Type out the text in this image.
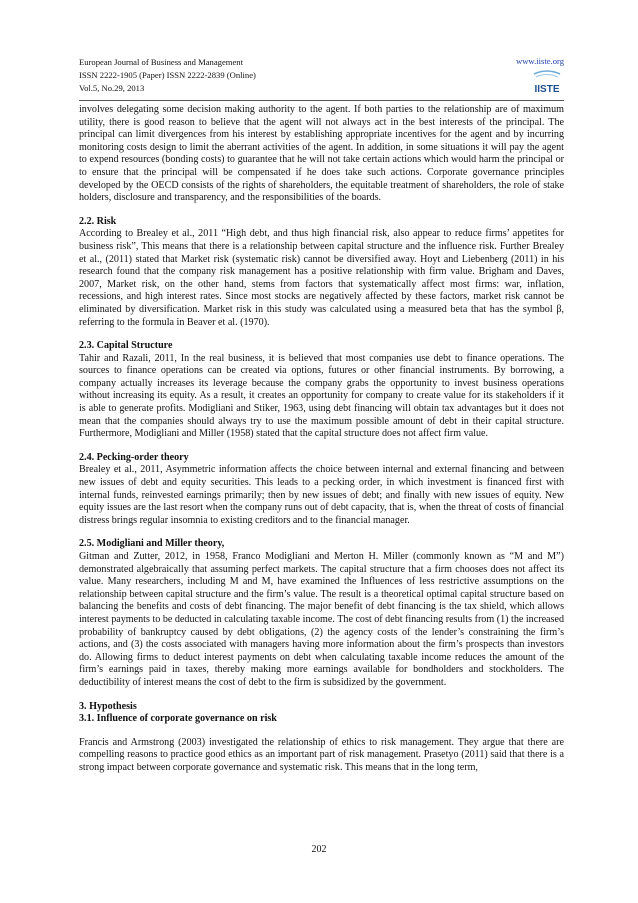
European Journal of Business and Management
ISSN 2222-1905 (Paper) ISSN 2222-2839 (Online)
Vol.5, No.29, 2013
www.iiste.org
IISTE

involves delegating some decision making authority to the agent. If both parties to the relationship are of maximum utility, there is good reason to believe that the agent will not always act in the best interests of the principal. The principal can limit divergences from his interest by establishing appropriate incentives for the agent and by incurring monitoring costs design to limit the aberrant activities of the agent. In addition, in some situations it will pay the agent to expend resources (bonding costs) to guarantee that he will not take certain actions which would harm the principal or to ensure that the principal will be compensated if he does take such actions. Corporate governance principles developed by the OECD consists of the rights of shareholders, the equitable treatment of shareholders, the role of stake holders, disclosure and transparency, and the responsibilities of the boards.

2.2. Risk

According to Brealey et al., 2011 “High debt, and thus high financial risk, also appear to reduce firms’ appetites for business risk”, This means that there is a relationship between capital structure and the influence risk. Further Brealey et al., (2011) stated that Market risk (systematic risk) cannot be diversified away. Hoyt and Liebenberg (2011) in his research found that the company risk management has a positive relationship with firm value. Brigham and Daves, 2007, Market risk, on the other hand, stems from factors that systematically affect most firms: war, inflation, recessions, and high interest rates. Since most stocks are negatively affected by these factors, market risk cannot be eliminated by diversification. Market risk in this study was calculated using a measured beta that has the symbol β, referring to the formula in Beaver et al. (1970).

2.3. Capital Structure

Tahir and Razali, 2011, In the real business, it is believed that most companies use debt to finance operations. The sources to finance operations can be created via options, futures or other financial instruments. By borrowing, a company actually increases its leverage because the company grabs the opportunity to invest business operations without increasing its equity. As a result, it creates an opportunity for company to create value for its stakeholders if it is able to generate profits. Modigliani and Stiker, 1963, using debt financing will obtain tax advantages but it does not mean that the companies should always try to use the maximum possible amount of debt in their capital structure. Furthermore, Modigliani and Miller (1958) stated that the capital structure does not affect firm value.

2.4. Pecking-order theory

Brealey et al., 2011, Asymmetric information affects the choice between internal and external financing and between new issues of debt and equity securities. This leads to a pecking order, in which investment is financed first with internal funds, reinvested earnings primarily; then by new issues of debt; and finally with new issues of equity. New equity issues are the last resort when the company runs out of debt capacity, that is, when the threat of costs of financial distress brings regular insomnia to existing creditors and to the financial manager.

2.5. Modigliani and Miller theory,

Gitman and Zutter, 2012, in 1958, Franco Modigliani and Merton H. Miller (commonly known as “M and M”) demonstrated algebraically that assuming perfect markets. The capital structure that a firm chooses does not affect its value. Many researchers, including M and M, have examined the Influences of less restrictive assumptions on the relationship between capital structure and the firm’s value. The result is a theoretical optimal capital structure based on balancing the benefits and costs of debt financing. The major benefit of debt financing is the tax shield, which allows interest payments to be deducted in calculating taxable income. The cost of debt financing results from (1) the increased probability of bankruptcy caused by debt obligations, (2) the agency costs of the lender’s constraining the firm’s actions, and (3) the costs associated with managers having more information about the firm’s prospects than investors do. Allowing firms to deduct interest payments on debt when calculating taxable income reduces the amount of the firm’s earnings paid in taxes, thereby making more earnings available for bondholders and stockholders. The deductibility of interest means the cost of debt to the firm is subsidized by the government.

3. Hypothesis

3.1. Influence of corporate governance on risk

Francis and Armstrong (2003) investigated the relationship of ethics to risk management. They argue that there are compelling reasons to practice good ethics as an important part of risk management. Prasetyo (2011) said that there is a strong impact between corporate governance and systematic risk. This means that in the long term,

202
